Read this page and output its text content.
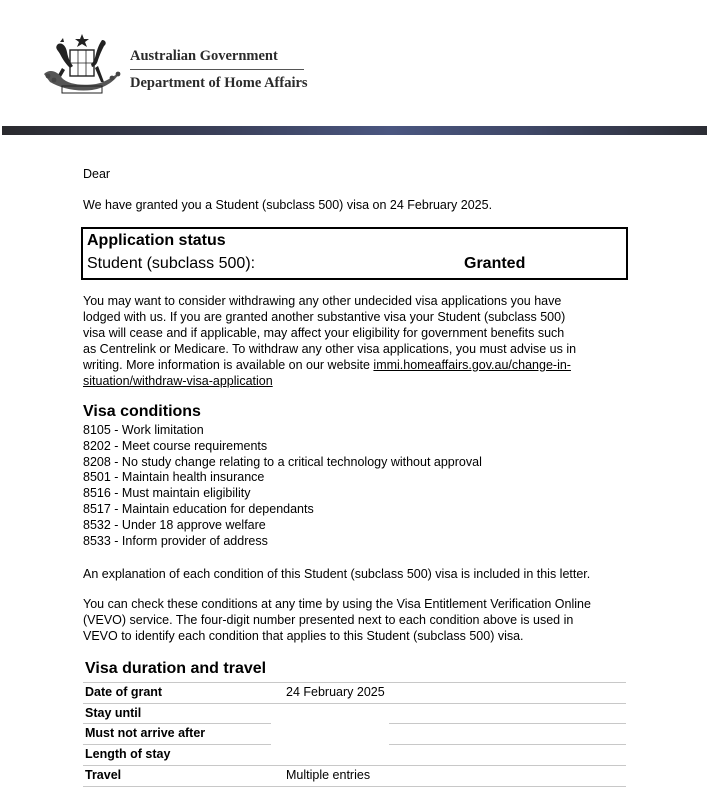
Australian Government
Department of Home Affairs
Dear
We have granted you a Student (subclass 500) visa on 24 February 2025.
Application status
Student (subclass 500):	Granted
You may want to consider withdrawing any other undecided visa applications you have
lodged with us. If you are granted another substantive visa your Student (subclass 500)
visa will cease and if applicable, may affect your eligibility for government benefits such
as Centrelink or Medicare. To withdraw any other visa applications, you must advise us in
writing. More information is available on our website immi.homeaffairs.gov.au/change-in-
situation/withdraw-visa-application
Visa conditions
8105 - Work limitation
8202 - Meet course requirements
8208 - No study change relating to a critical technology without approval
8501 - Maintain health insurance
8516 - Must maintain eligibility
8517 - Maintain education for dependants
8532 - Under 18 approve welfare
8533 - Inform provider of address
An explanation of each condition of this Student (subclass 500) visa is included in this letter.
You can check these conditions at any time by using the Visa Entitlement Verification Online
(VEVO) service. The four-digit number presented next to each condition above is used in
VEVO to identify each condition that applies to this Student (subclass 500) visa.
Visa duration and travel
Date of grant	24 February 2025
Stay until
Must not arrive after
Length of stay
Travel	Multiple entries
